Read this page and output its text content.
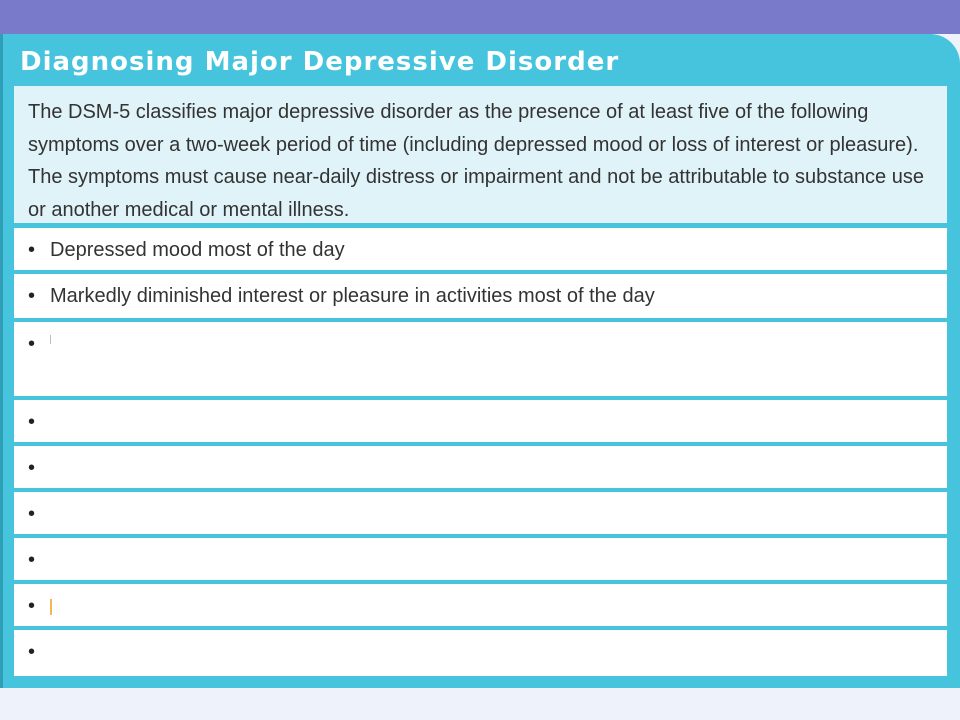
Diagnosing Major Depressive Disorder
The DSM-5 classifies major depressive disorder as the presence of at least five of the following symptoms over a two-week period of time (including depressed mood or loss of interest or pleasure). The symptoms must cause near-daily distress or impairment and not be attributable to substance use or another medical or mental illness.
• Depressed mood most of the day
• Markedly diminished interest or pleasure in activities most of the day
•
•
•
•
•
•
•
